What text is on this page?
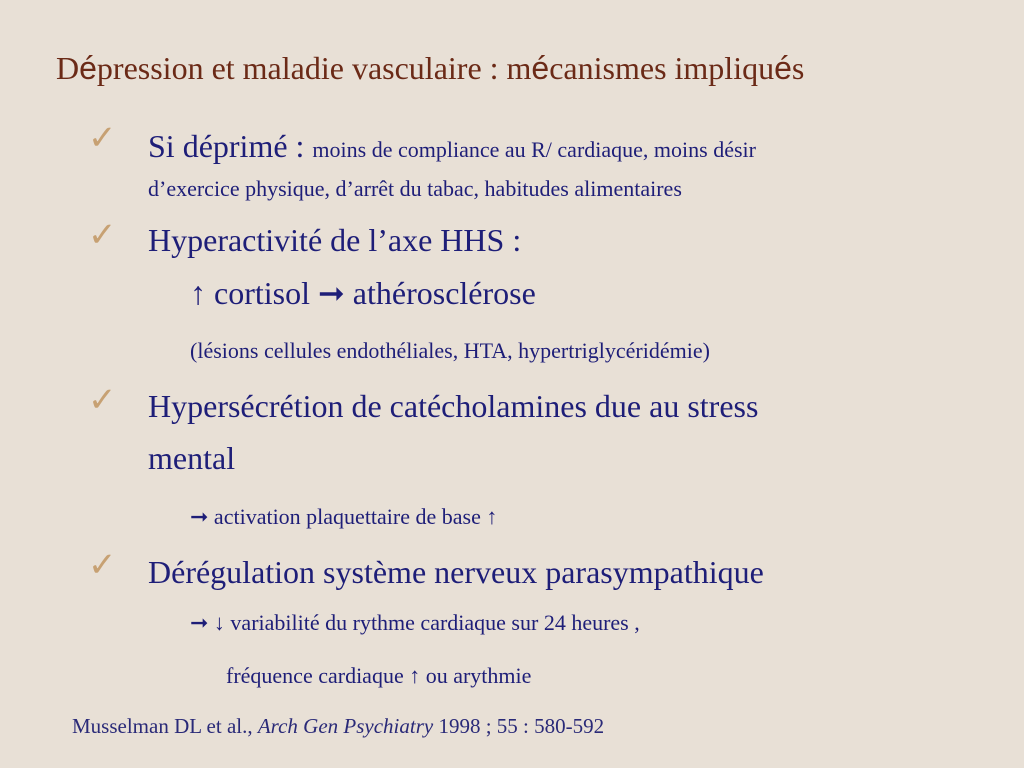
Dépression et maladie vasculaire : mécanismes impliqués
✓ Si déprimé : moins de compliance au R/ cardiaque, moins désir
d’exercice physique, d’arrêt du tabac, habitudes alimentaires
✓ Hyperactivité de l’axe HHS :
↑ cortisol ➞ athérosclérose
(lésions cellules endothéliales, HTA, hypertriglycéridémie)
✓ Hypersécrétion de catécholamines due au stress
mental
➞ activation plaquettaire de base ↑
✓ Dérégulation système nerveux parasympathique
➞ ↓ variabilité du rythme cardiaque sur 24 heures ,
fréquence cardiaque ↑ ou arythmie
Musselman DL et al., Arch Gen Psychiatry 1998 ; 55 : 580-592
